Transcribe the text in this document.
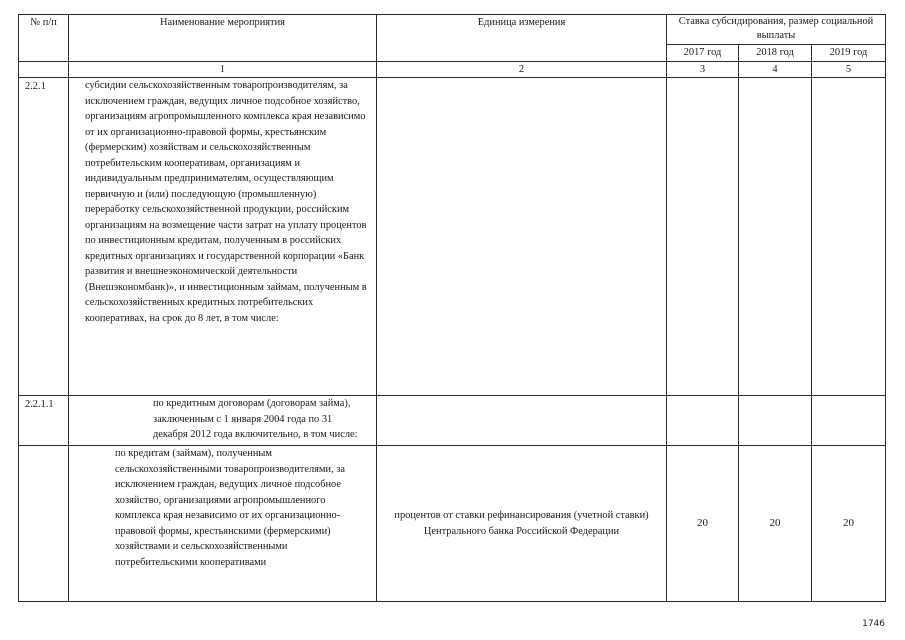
№ п/п	Наименование мероприятия	Единица измерения	Ставка субсидирования, размер социальной выплаты		
			2017 год	2018 год	2019 год
	1	2	3	4	5
2.2.1	субсидии сельскохозяйственным товаропроизводителям, за исключением граждан, ведущих личное подсобное хозяйство, организациям агропромышленного комплекса края независимо от их организационно-правовой формы, крестьянским (фермерским) хозяйствам и сельскохозяйственным потребительским кооперативам, организациям и индивидуальным предпринимателям, осуществляющим первичную и (или) последующую (промышленную) переработку сельскохозяйственной продукции, российским организациям на возмещение части затрат на уплату процентов по инвестиционным кредитам, полученным в российских кредитных организациях и государственной корпорации «Банк развития и внешнеэкономической деятельности (Внешэкономбанк)», и инвестиционным займам, полученным в сельскохозяйственных кредитных потребительских кооперативах, на срок до 8 лет, в том числе:				
2.2.1.1	по кредитным договорам (договорам займа), заключенным с 1 января 2004 года по 31 декабря 2012 года включительно, в том числе:				
	по кредитам (займам), полученным сельскохозяйственными товаропроизводителями, за исключением граждан, ведущих личное подсобное хозяйство, организациями агропромышленного комплекса края независимо от их организационно-правовой формы, крестьянскими (фермерскими) хозяйствами и сельскохозяйственными потребительскими кооперативами	процентов от ставки рефинансирования (учетной ставки) Центрального банка Российской Федерации	20	20	20
1746
